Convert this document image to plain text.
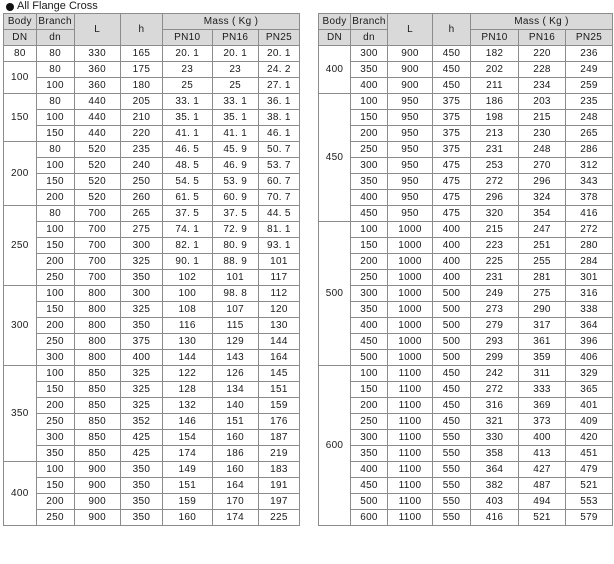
All Flange Cross
Body	Branch	L	h	Mass ( Kg )		
DN	dn			PN10	PN16	PN25
80	80	330	165	20. 1	20. 1	20. 1
100	80	360	175	23	23	24. 2
	100	360	180	25	25	27. 1
150	80	440	205	33. 1	33. 1	36. 1
	100	440	210	35. 1	35. 1	38. 1
	150	440	220	41. 1	41. 1	46. 1
200	80	520	235	46. 5	45. 9	50. 7
	100	520	240	48. 5	46. 9	53. 7
	150	520	250	54. 5	53. 9	60. 7
	200	520	260	61. 5	60. 9	70. 7
250	80	700	265	37. 5	37. 5	44. 5
	100	700	275	74. 1	72. 9	81. 1
	150	700	300	82. 1	80. 9	93. 1
	200	700	325	90. 1	88. 9	101
	250	700	350	102	101	117
300	100	800	300	100	98. 8	112
	150	800	325	108	107	120
	200	800	350	116	115	130
	250	800	375	130	129	144
	300	800	400	144	143	164
350	100	850	325	122	126	145
	150	850	325	128	134	151
	200	850	325	132	140	159
	250	850	352	146	151	176
	300	850	425	154	160	187
	350	850	425	174	186	219
400	100	900	350	149	160	183
	150	900	350	151	164	191
	200	900	350	159	170	197
	250	900	350	160	174	225
Body	Branch	L	h	Mass ( Kg )		
DN	dn			PN10	PN16	PN25
400	300	900	450	182	220	236
	350	900	450	202	228	249
	400	900	450	211	234	259
450	100	950	375	186	203	235
	150	950	375	198	215	248
	200	950	375	213	230	265
	250	950	375	231	248	286
	300	950	475	253	270	312
	350	950	475	272	296	343
	400	950	475	296	324	378
	450	950	475	320	354	416
500	100	1000	400	215	247	272
	150	1000	400	223	251	280
	200	1000	400	225	255	284
	250	1000	400	231	281	301
	300	1000	500	249	275	316
	350	1000	500	273	290	338
	400	1000	500	279	317	364
	450	1000	500	293	361	396
	500	1000	500	299	359	406
600	100	1100	450	242	311	329
	150	1100	450	272	333	365
	200	1100	450	316	369	401
	250	1100	450	321	373	409
	300	1100	550	330	400	420
	350	1100	550	358	413	451
	400	1100	550	364	427	479
	450	1100	550	382	487	521
	500	1100	550	403	494	553
	600	1100	550	416	521	579
